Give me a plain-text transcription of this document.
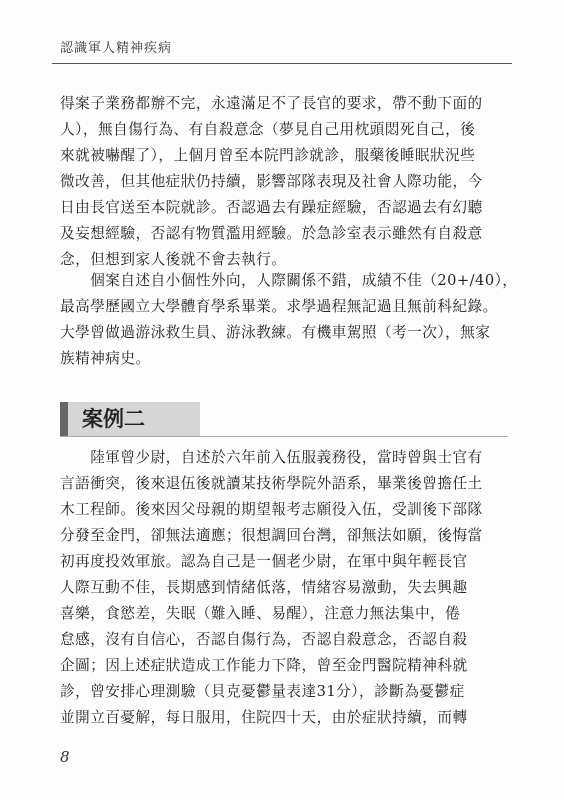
認識軍人精神疾病
得案子業務都辦不完，永遠滿足不了長官的要求，帶不動下面的
人），無自傷行為、有自殺意念（夢見自己用枕頭悶死自己，後
來就被嚇醒了），上個月曾至本院門診就診，服藥後睡眠狀況些
微改善，但其他症狀仍持續，影響部隊表現及社會人際功能，今
日由長官送至本院就診。否認過去有躁症經驗，否認過去有幻聽
及妄想經驗，否認有物質濫用經驗。於急診室表示雖然有自殺意
念，但想到家人後就不會去執行。
　　個案自述自小個性外向，人際關係不錯，成績不佳（20+/40），
最高學歷國立大學體育學系畢業。求學過程無記過且無前科紀錄。
大學曾做過游泳救生員、游泳教練。有機車駕照（考一次），無家
族精神病史。
案例二
　　陸軍曾少尉，自述於六年前入伍服義務役，當時曾與士官有
言語衝突，後來退伍後就讀某技術學院外語系，畢業後曾擔任土
木工程師。後來因父母親的期望報考志願役入伍，受訓後下部隊
分發至金門，卻無法適應；很想調回台灣，卻無法如願，後悔當
初再度投效軍旅。認為自己是一個老少尉，在軍中與年輕長官
人際互動不佳，長期感到情緒低落，情緒容易激動，失去興趣
喜樂，食慾差，失眠（難入睡、易醒），注意力無法集中，倦
怠感，沒有自信心，否認自傷行為，否認自殺意念，否認自殺
企圖；因上述症狀造成工作能力下降，曾至金門醫院精神科就
診，曾安排心理測驗（貝克憂鬱量表達31分），診斷為憂鬱症
並開立百憂解，每日服用，住院四十天，由於症狀持續，而轉
8
